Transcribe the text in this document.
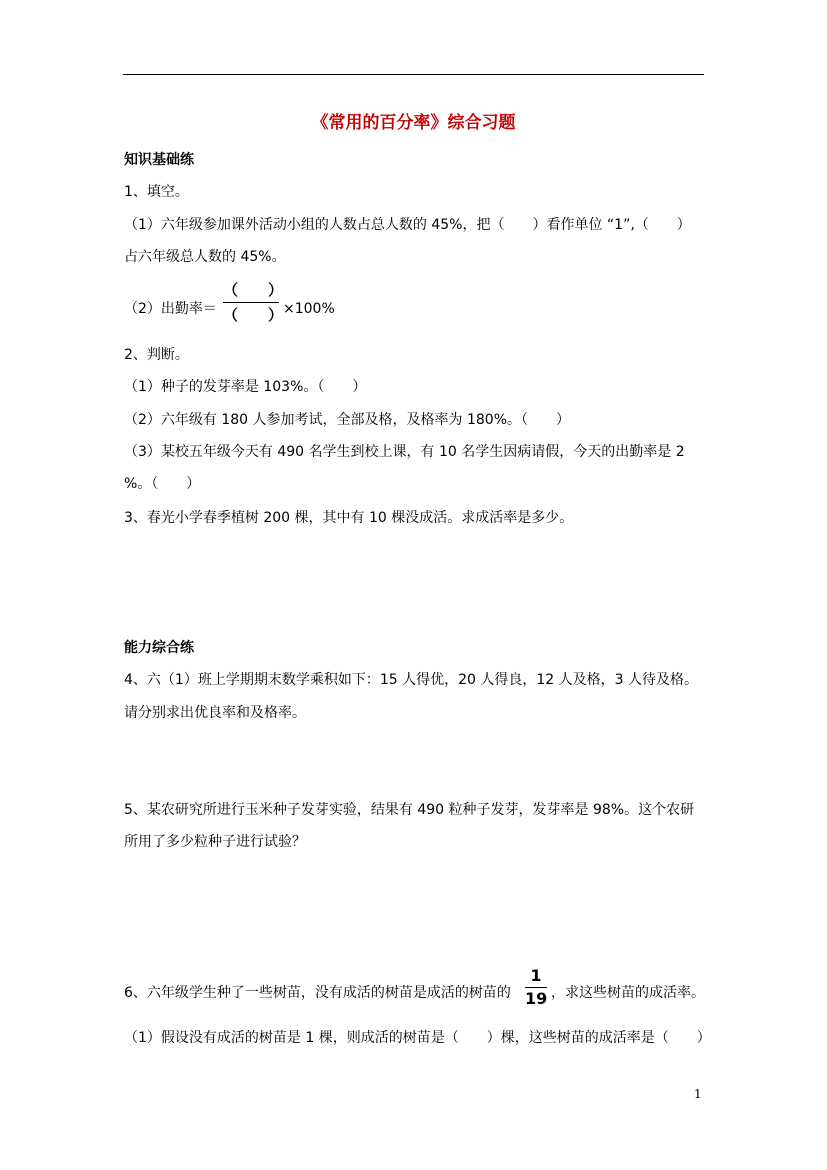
《常用的百分率》综合习题
知识基础练
1、填空。
（1）六年级参加课外活动小组的人数占总人数的 45%，把（　　）看作单位 “1”,（　　）
占六年级总人数的 45%。
（2）出勤率＝
（　　）
（　　） ×100%
2、判断。
（1）种子的发芽率是 103%。（　　）
（2）六年级有 180 人参加考试，全部及格，及格率为 180%。（　　）
（3）某校五年级今天有 490 名学生到校上课，有 10 名学生因病请假，今天的出勤率是 2
%。（　　）
3、春光小学春季植树 200 棵，其中有 10 棵没成活。求成活率是多少。
能力综合练
4、六（1）班上学期期末数学乘积如下：15 人得优，20 人得良，12 人及格，3 人待及格。
请分别求出优良率和及格率。
5、某农研究所进行玉米种子发芽实验，结果有 490 粒种子发芽，发芽率是 98%。这个农研
所用了多少粒种子进行试验？
6、六年级学生种了一些树苗，没有成活的树苗是成活的树苗的
1
19 ，求这些树苗的成活率。
（1）假设没有成活的树苗是 1 棵，则成活的树苗是（　　）棵，这些树苗的成活率是（　　）
1
